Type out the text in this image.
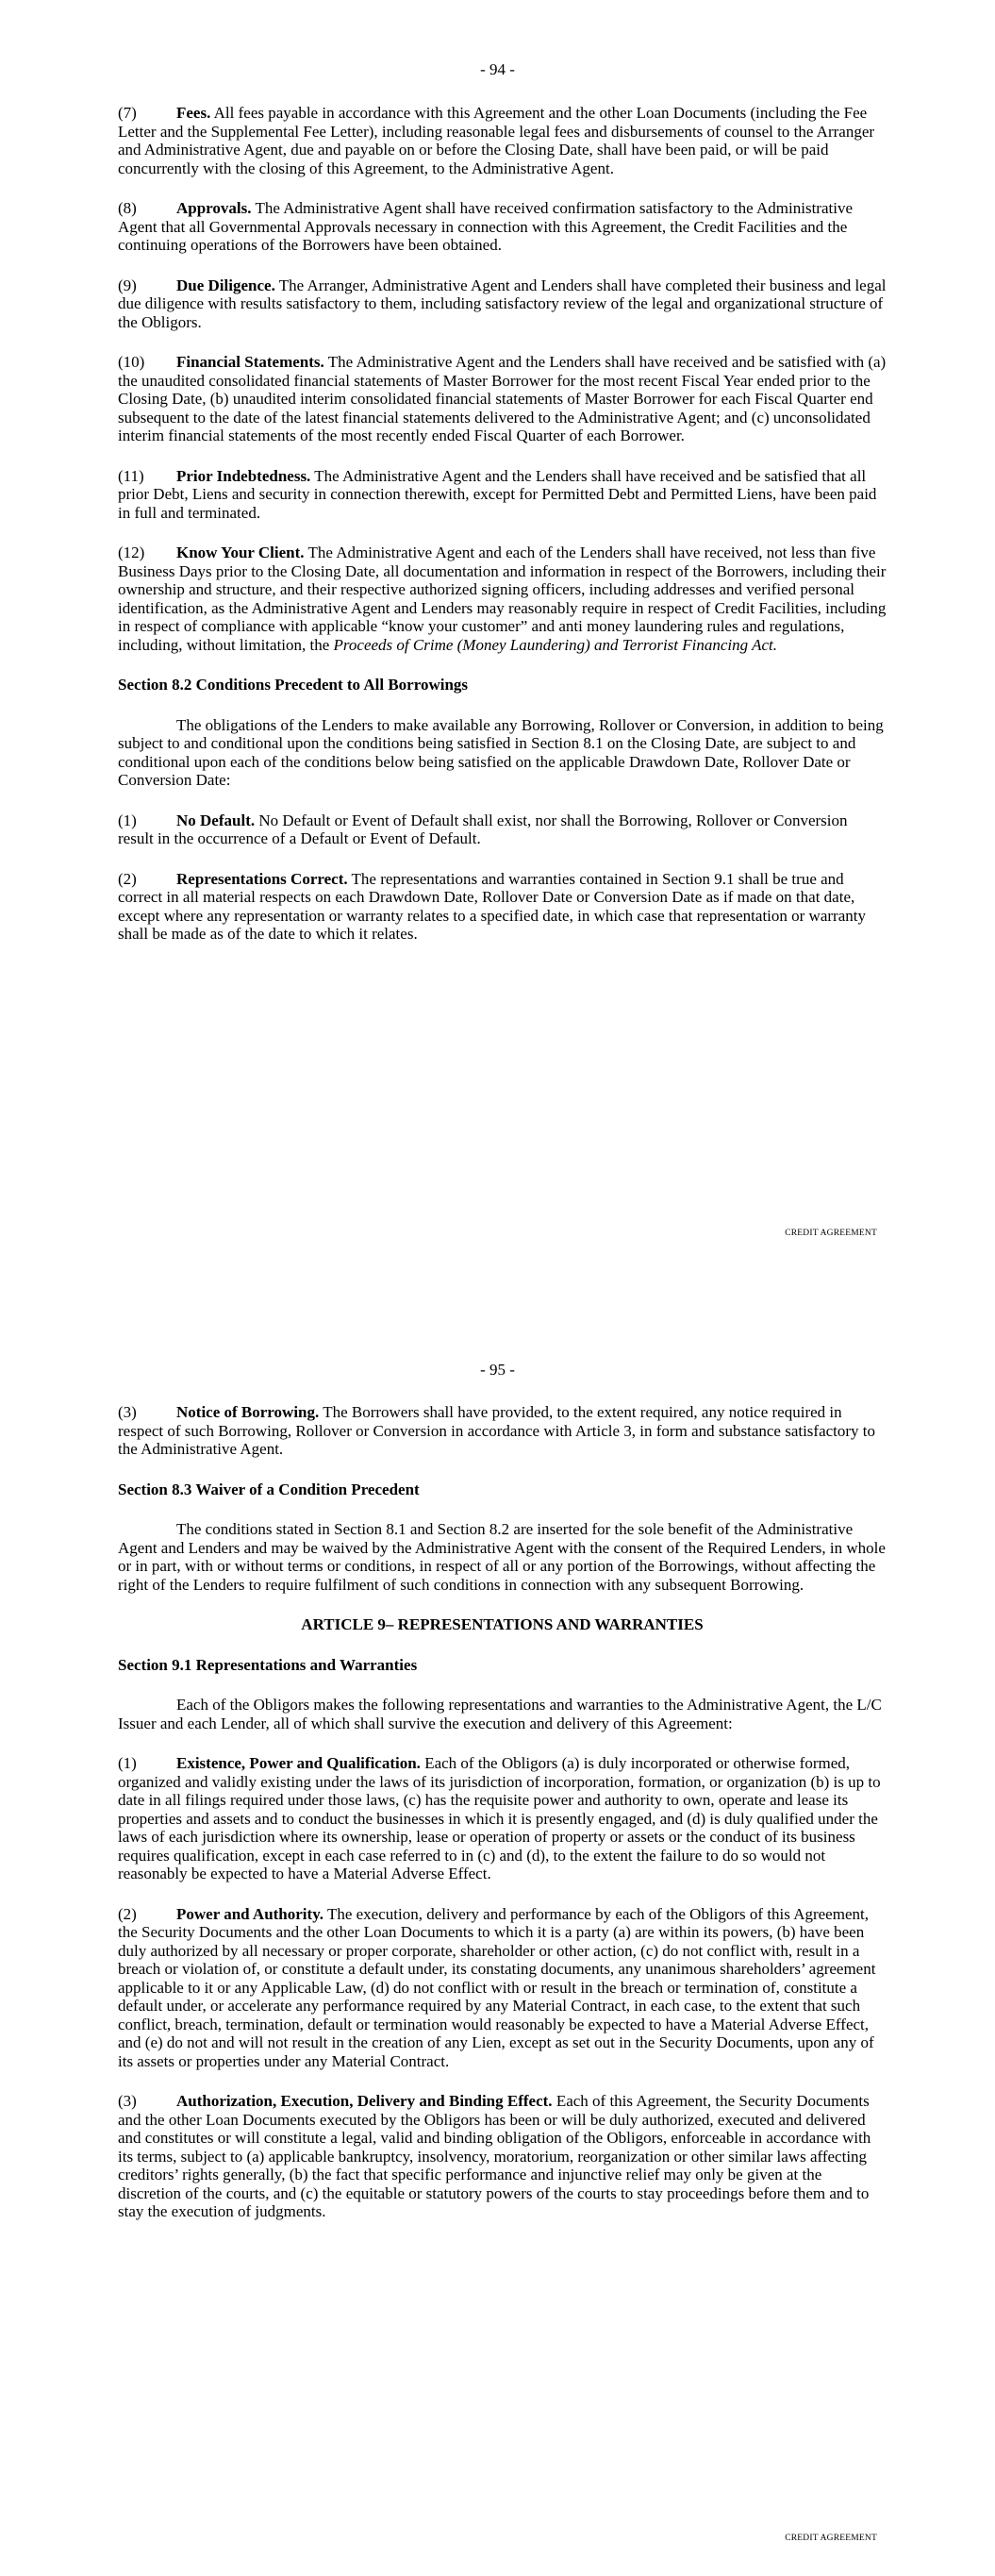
- 94 -

(7) Fees. All fees payable in accordance with this Agreement and the other Loan Documents (including the Fee Letter and the Supplemental Fee Letter), including reasonable legal fees and disbursements of counsel to the Arranger and Administrative Agent, due and payable on or before the Closing Date, shall have been paid, or will be paid concurrently with the closing of this Agreement, to the Administrative Agent.

(8) Approvals. The Administrative Agent shall have received confirmation satisfactory to the Administrative Agent that all Governmental Approvals necessary in connection with this Agreement, the Credit Facilities and the continuing operations of the Borrowers have been obtained.

(9) Due Diligence. The Arranger, Administrative Agent and Lenders shall have completed their business and legal due diligence with results satisfactory to them, including satisfactory review of the legal and organizational structure of the Obligors.

(10) Financial Statements. The Administrative Agent and the Lenders shall have received and be satisfied with (a) the unaudited consolidated financial statements of Master Borrower for the most recent Fiscal Year ended prior to the Closing Date, (b) unaudited interim consolidated financial statements of Master Borrower for each Fiscal Quarter end subsequent to the date of the latest financial statements delivered to the Administrative Agent; and (c) unconsolidated interim financial statements of the most recently ended Fiscal Quarter of each Borrower.

(11) Prior Indebtedness. The Administrative Agent and the Lenders shall have received and be satisfied that all prior Debt, Liens and security in connection therewith, except for Permitted Debt and Permitted Liens, have been paid in full and terminated.

(12) Know Your Client. The Administrative Agent and each of the Lenders shall have received, not less than five Business Days prior to the Closing Date, all documentation and information in respect of the Borrowers, including their ownership and structure, and their respective authorized signing officers, including addresses and verified personal identification, as the Administrative Agent and Lenders may reasonably require in respect of Credit Facilities, including in respect of compliance with applicable “know your customer” and anti money laundering rules and regulations, including, without limitation, the Proceeds of Crime (Money Laundering) and Terrorist Financing Act.

Section 8.2 Conditions Precedent to All Borrowings

The obligations of the Lenders to make available any Borrowing, Rollover or Conversion, in addition to being subject to and conditional upon the conditions being satisfied in Section 8.1 on the Closing Date, are subject to and conditional upon each of the conditions below being satisfied on the applicable Drawdown Date, Rollover Date or Conversion Date:

(1) No Default. No Default or Event of Default shall exist, nor shall the Borrowing, Rollover or Conversion result in the occurrence of a Default or Event of Default.

(2) Representations Correct. The representations and warranties contained in Section 9.1 shall be true and correct in all material respects on each Drawdown Date, Rollover Date or Conversion Date as if made on that date, except where any representation or warranty relates to a specified date, in which case that representation or warranty shall be made as of the date to which it relates.

CREDIT AGREEMENT
- 95 -

(3) Notice of Borrowing. The Borrowers shall have provided, to the extent required, any notice required in respect of such Borrowing, Rollover or Conversion in accordance with Article 3, in form and substance satisfactory to the Administrative Agent.

Section 8.3 Waiver of a Condition Precedent

The conditions stated in Section 8.1 and Section 8.2 are inserted for the sole benefit of the Administrative Agent and Lenders and may be waived by the Administrative Agent with the consent of the Required Lenders, in whole or in part, with or without terms or conditions, in respect of all or any portion of the Borrowings, without affecting the right of the Lenders to require fulfilment of such conditions in connection with any subsequent Borrowing.

ARTICLE 9– REPRESENTATIONS AND WARRANTIES
Section 9.1 Representations and Warranties

Each of the Obligors makes the following representations and warranties to the Administrative Agent, the L/C Issuer and each Lender, all of which shall survive the execution and delivery of this Agreement:

(1) Existence, Power and Qualification. Each of the Obligors (a) is duly incorporated or otherwise formed, organized and validly existing under the laws of its jurisdiction of incorporation, formation, or organization (b) is up to date in all filings required under those laws, (c) has the requisite power and authority to own, operate and lease its properties and assets and to conduct the businesses in which it is presently engaged, and (d) is duly qualified under the laws of each jurisdiction where its ownership, lease or operation of property or assets or the conduct of its business requires qualification, except in each case referred to in (c) and (d), to the extent the failure to do so would not reasonably be expected to have a Material Adverse Effect.

(2) Power and Authority. The execution, delivery and performance by each of the Obligors of this Agreement, the Security Documents and the other Loan Documents to which it is a party (a) are within its powers, (b) have been duly authorized by all necessary or proper corporate, shareholder or other action, (c) do not conflict with, result in a breach or violation of, or constitute a default under, its constating documents, any unanimous shareholders’ agreement applicable to it or any Applicable Law, (d) do not conflict with or result in the breach or termination of, constitute a default under, or accelerate any performance required by any Material Contract, in each case, to the extent that such conflict, breach, termination, default or termination would reasonably be expected to have a Material Adverse Effect, and (e) do not and will not result in the creation of any Lien, except as set out in the Security Documents, upon any of its assets or properties under any Material Contract.

(3) Authorization, Execution, Delivery and Binding Effect. Each of this Agreement, the Security Documents and the other Loan Documents executed by the Obligors has been or will be duly authorized, executed and delivered and constitutes or will constitute a legal, valid and binding obligation of the Obligors, enforceable in accordance with its terms, subject to (a) applicable bankruptcy, insolvency, moratorium, reorganization or other similar laws affecting creditors’ rights generally, (b) the fact that specific performance and injunctive relief may only be given at the discretion of the courts, and (c) the equitable or statutory powers of the courts to stay proceedings before them and to stay the execution of judgments.

CREDIT AGREEMENT
